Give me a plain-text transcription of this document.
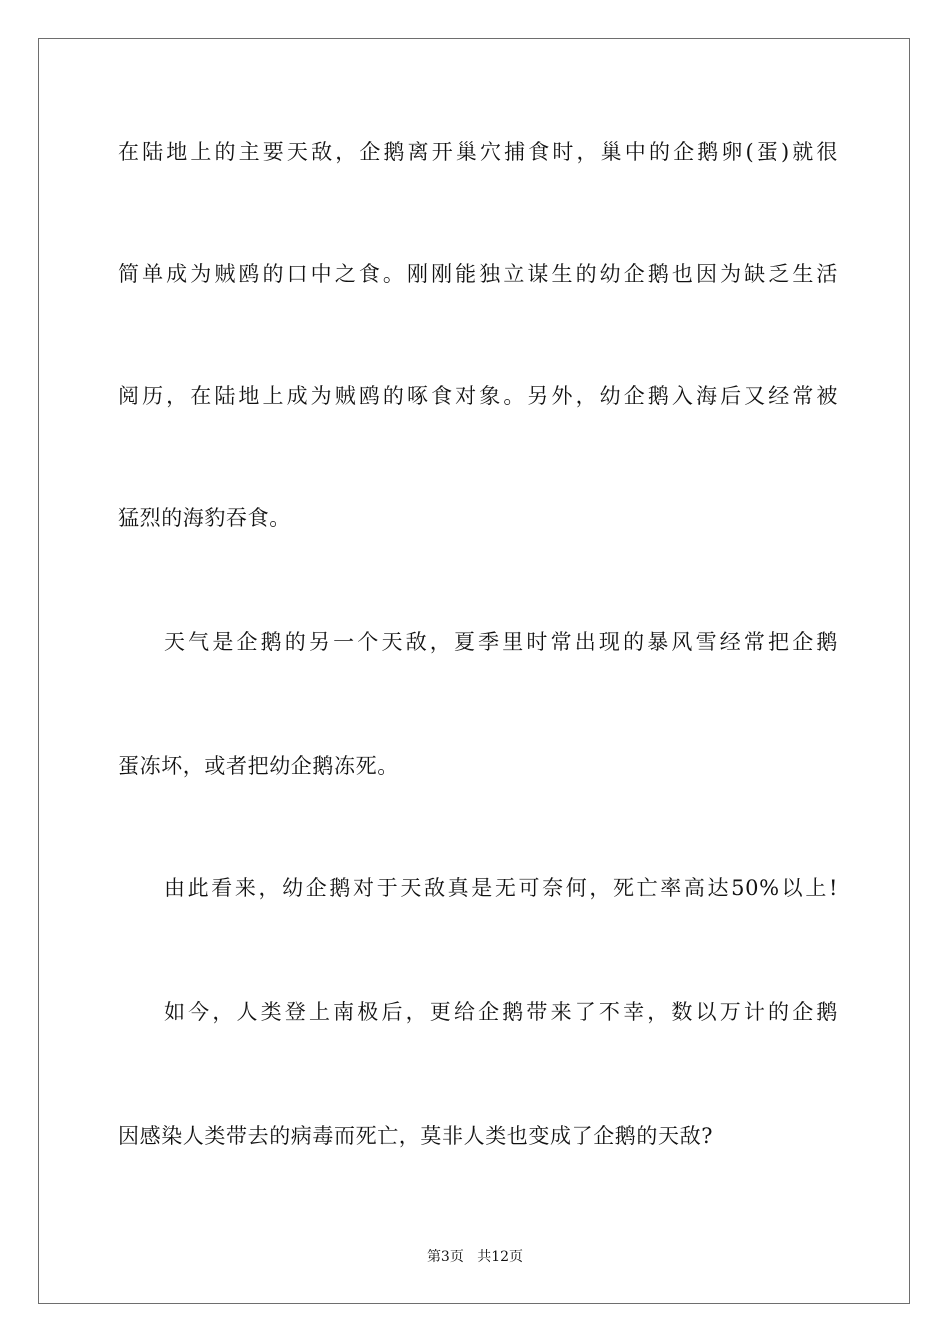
在陆地上的主要天敌，企鹅离开巢穴捕食时，巢中的企鹅卵(蛋)就很
简单成为贼鸥的口中之食。刚刚能独立谋生的幼企鹅也因为缺乏生活
阅历，在陆地上成为贼鸥的啄食对象。另外，幼企鹅入海后又经常被
猛烈的海豹吞食。
天气是企鹅的另一个天敌，夏季里时常出现的暴风雪经常把企鹅
蛋冻坏，或者把幼企鹅冻死。
由此看来，幼企鹅对于天敌真是无可奈何，死亡率高达50%以上!
如今，人类登上南极后，更给企鹅带来了不幸，数以万计的企鹅
因感染人类带去的病毒而死亡，莫非人类也变成了企鹅的天敌?
第3页 共12页
